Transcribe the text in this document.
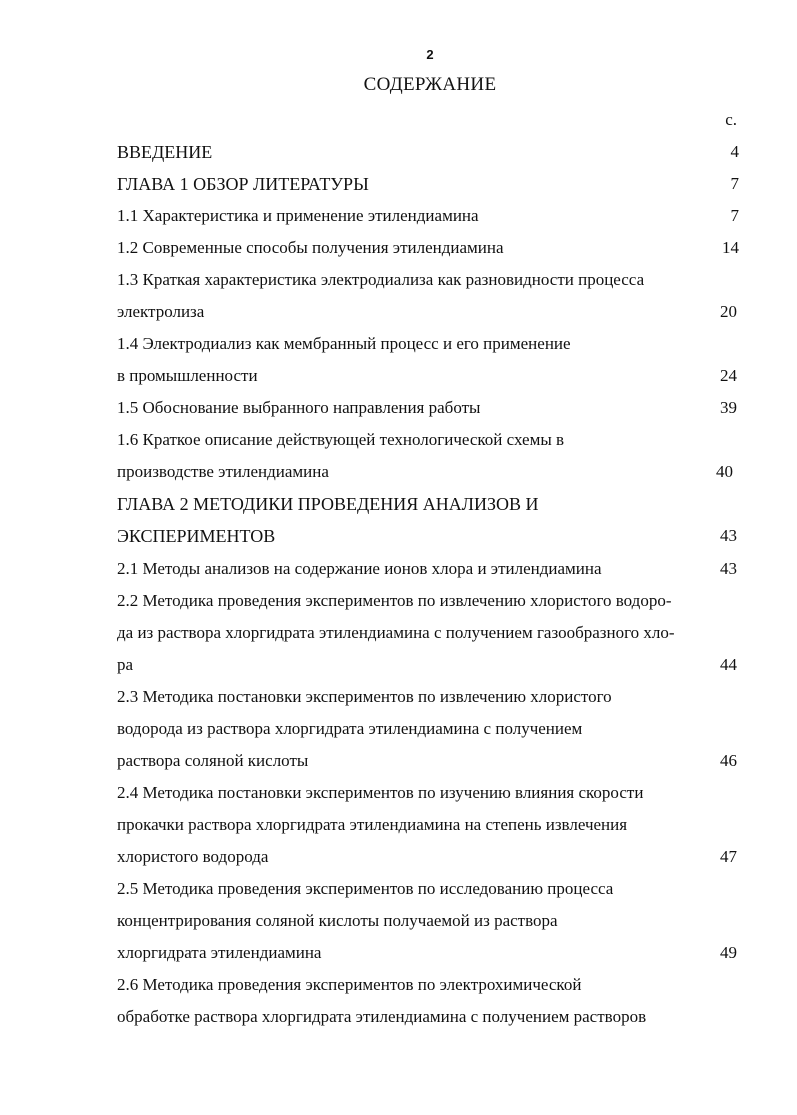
2
СОДЕРЖАНИЕ
с.
ВВЕДЕНИЕ
ГЛАВА 1 ОБЗОР ЛИТЕРАТУРЫ
1.1 Характеристика и применение этилендиамина
1.2 Современные способы получения этилендиамина
1.3 Краткая характеристика электродиализа как разновидности процесса
электролиза
1.4 Электродиализ как мембранный процесс и его применение
в промышленности
1.5 Обоснование выбранного направления работы
1.6 Краткое описание действующей технологической схемы в
производстве этилендиамина
ГЛАВА 2 МЕТОДИКИ ПРОВЕДЕНИЯ АНАЛИЗОВ И
ЭКСПЕРИМЕНТОВ
2.1 Методы анализов на содержание ионов хлора и этилендиамина
2.2 Методика проведения экспериментов по извлечению хлористого водоро-
да из раствора хлоргидрата этилендиамина с получением газообразного хло-
ра
2.3 Методика постановки экспериментов по извлечению хлористого
водорода из раствора хлоргидрата этилендиамина с получением
раствора соляной кислоты
2.4 Методика постановки экспериментов по изучению влияния скорости
прокачки раствора хлоргидрата этилендиамина на степень извлечения
хлористого водорода
2.5 Методика проведения экспериментов по исследованию процесса
концентрирования соляной кислоты получаемой из раствора
хлоргидрата этилендиамина
2.6 Методика проведения экспериментов по электрохимической
обработке раствора хлоргидрата этилендиамина с получением растворов
4
7
7
14
20
24
39
40
43
43
44
46
47
49
